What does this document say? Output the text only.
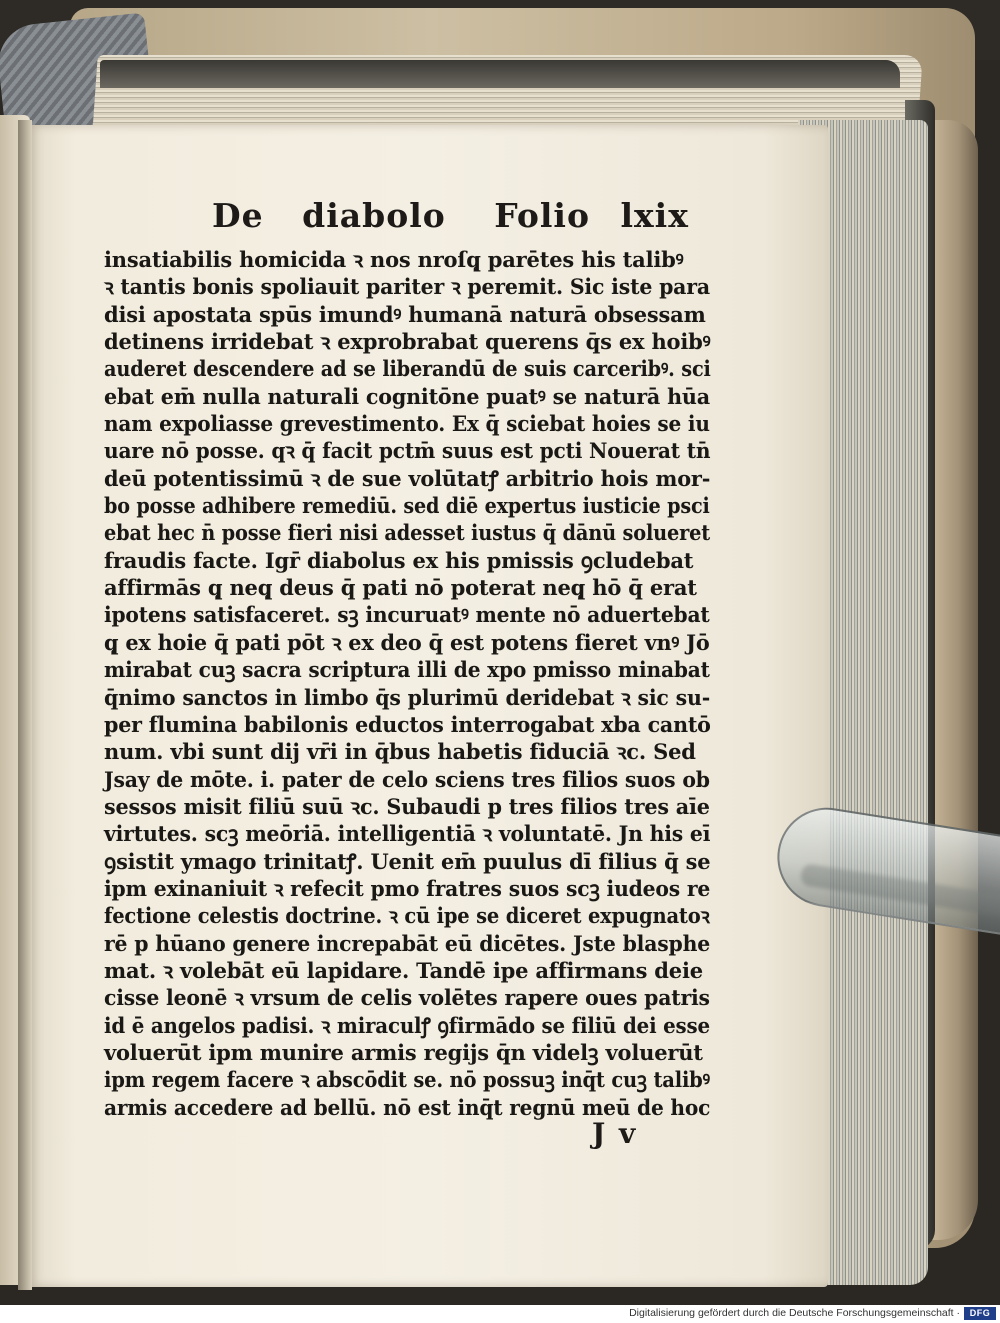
De diabolo Folio lxix
insatiabilis homicida ꝛ nos nroſq̨ parētes his talibꝰ
ꝛ tantis bonis spoliauit pariter ꝛ peremit. Sic iste para
disi apostata spūs imundꝰ humanā naturā obsessam
detinens irridebat ꝛ exprobrabat querens q̄s ex hoibꝰ
auderet descendere ad se liberandū de suis carceribꝰ. sci
ebat em̄ nulla naturali cognitōne puatꝰ se naturā hūa
nam expoliasse grevestimento. Ex q̄ sciebat hoies se iu
uare nō posse. qꝛ q̄ facit pctm̄ suus est pcti Nouerat tn̄
deū potentissimū ꝛ de sue volūtatꝭ arbitrio hois mor-
bo posse adhibere remediū. sed diē expertus iusticie psci
ebat hec n̄ posse fieri nisi adesset iustus q̄ dānū solueret
fraudis facte. Igr̄ diabolus ex his pmissis ꝯcludebat
affirmās q̨ neq̨ deus q̄ pati nō poterat neq̨ hō q̄ erat
ipotens satisfaceret. sꝫ incuruatꝰ mente nō aduertebat
q̨ ex hoie q̄ pati pōt ꝛ ex deo q̄ est potens fieret vnꝰ Jō
mirabat cuꝫ sacra scriptura illi de xpo pmisso minabat
q̄nimo sanctos in limbo q̄s plurimū deridebat ꝛ sic su-
per flumina babilonis eductos interrogabat xba cantō
num. vbi sunt dij vr̄i in q̄bus habetis fiduciā ꝛc. Sed
Jsay de mōte. i. pater de celo sciens tres filios suos ob
sessos misit filiū suū ꝛc. Subaudi p tres filios tres aīe
virtutes. scꝫ meōriā. intelligentiā ꝛ voluntatē. Jn his eī
ꝯsistit ymago trinitatꝭ. Uenit em̄ puulus dī filius q̄ se
ipm exinaniuit ꝛ refecit pmo fratres suos scꝫ iudeos re
fectione celestis doctrine. ꝛ cū ipe se diceret expugnatoꝛ
rē p hūano genere increpabāt eū dicētes. Jste blasphe
mat. ꝛ volebāt eū lapidare. Tandē ipe affirmans deie
cisse leonē ꝛ vrsum de celis volētes rapere oues patris
id ē angelos padisi. ꝛ miraculꝭ ꝯfirmādo se filiū dei esse
voluerūt ipm munire armis regijs q̄n videlꝫ voluerūt
ipm regem facere ꝛ abscōdit se. nō possuꝫ inq̄t cuꝫ talibꝰ
armis accedere ad bellū. nō est inq̄t regnū meū de hoc
J v
Digitalisierung gefördert durch die Deutsche Forschungsgemeinschaft ·	DFG
